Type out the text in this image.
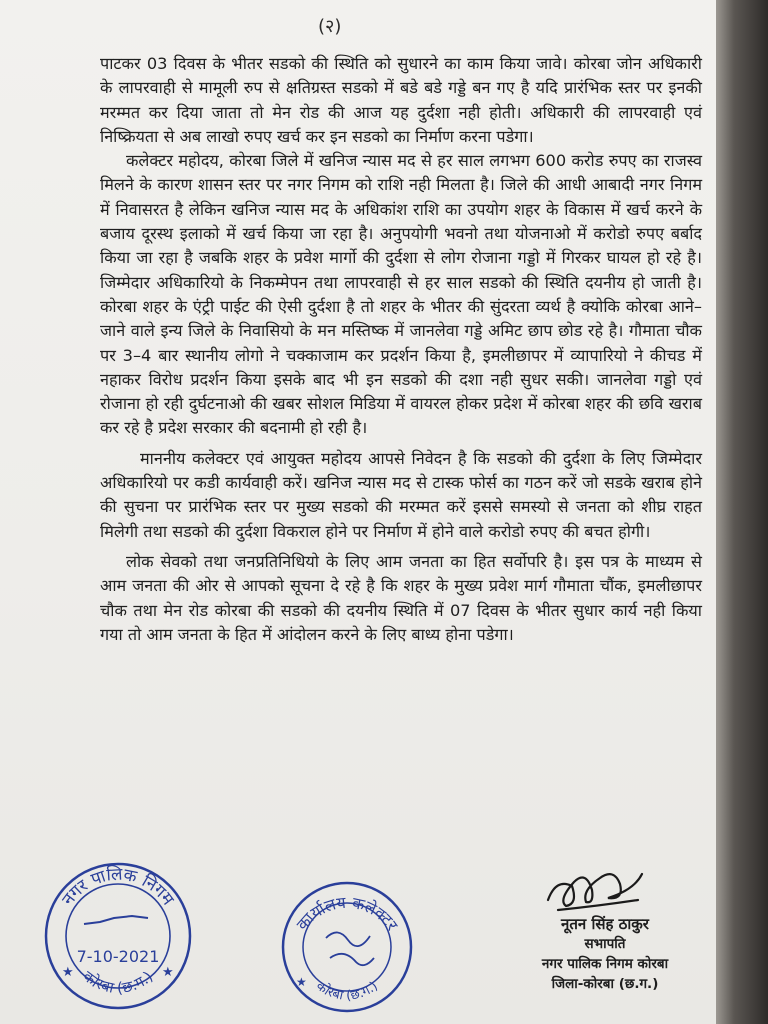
(२)

पाटकर 03 दिवस के भीतर सडको की स्थिति को सुधारने का काम किया जावे। कोरबा जोन अधिकारी के लापरवाही से मामूली रुप से क्षतिग्रस्त सडको में बडे बडे गड्डे बन गए है यदि प्रारंभिक स्तर पर इनकी मरम्मत कर दिया जाता तो मेन रोड की आज यह दुर्दशा नही होती। अधिकारी की लापरवाही एवं निष्क्रियता से अब लाखो रुपए खर्च कर इन सडको का निर्माण करना पडेगा।

कलेक्टर महोदय, कोरबा जिले में खनिज न्यास मद से हर साल लगभग 600 करोड रुपए का राजस्व मिलने के कारण शासन स्तर पर नगर निगम को राशि नही मिलता है। जिले की आधी आबादी नगर निगम में निवासरत है लेकिन खनिज न्यास मद के अधिकांश राशि का उपयोग शहर के विकास में खर्च करने के बजाय दूरस्थ इलाको में खर्च किया जा रहा है। अनुपयोगी भवनो तथा योजनाओ में करोडो रुपए बर्बाद किया जा रहा है जबकि शहर के प्रवेश मार्गो की दुर्दशा से लोग रोजाना गड्डो में गिरकर घायल हो रहे है। जिम्मेदार अधिकारियो के निकम्मेपन तथा लापरवाही से हर साल सडको की स्थिति दयनीय हो जाती है। कोरबा शहर के एंट्री पाईट की ऐसी दुर्दशा है तो शहर के भीतर की सुंदरता व्यर्थ है क्योकि कोरबा आने–जाने वाले इन्य जिले के निवासियो के मन मस्तिष्क में जानलेवा गड्डे अमिट छाप छोड रहे है। गौमाता चौक पर 3–4 बार स्थानीय लोगो ने चक्काजाम कर प्रदर्शन किया है, इमलीछापर में व्यापारियो ने कीचड में नहाकर विरोध प्रदर्शन किया इसके बाद भी इन सडको की दशा नही सुधर सकी। जानलेवा गड्डो एवं रोजाना हो रही दुर्घटनाओ की खबर सोशल मिडिया में वायरल होकर प्रदेश में कोरबा शहर की छवि खराब कर रहे है प्रदेश सरकार की बदनामी हो रही है।

माननीय कलेक्टर एवं आयुक्त महोदय आपसे निवेदन है कि सडको की दुर्दशा के लिए जिम्मेदार अधिकारियो पर कडी कार्यवाही करें। खनिज न्यास मद से टास्क फोर्स का गठन करें जो सडके खराब होने की सुचना पर प्रारंभिक स्तर पर मुख्य सडको की मरम्मत करें इससे समस्यो से जनता को शीघ्र राहत मिलेगी तथा सडको की दुर्दशा विकराल होने पर निर्माण में होने वाले करोडो रुपए की बचत होगी।

लोक सेवको तथा जनप्रतिनिधियो के लिए आम जनता का हित सर्वोपरि है। इस पत्र के माध्यम से आम जनता की ओर से आपको सूचना दे रहे है कि शहर के मुख्य प्रवेश मार्ग गौमाता चौंक, इमलीछापर चौक तथा मेन रोड कोरबा की सडको की दयनीय स्थिति में 07 दिवस के भीतर सुधार कार्य नही किया गया तो आम जनता के हित में आंदोलन करने के लिए बाध्य होना पडेगा।

नगर पालिक निगम
कोरबा (छ.ग.)
7-10-2021
★	★
कार्यालय कलेक्टर
कोरबा (छ.ग.)
★
नूतन सिंह ठाकुर
सभापति
नगर पालिक निगम कोरबा
जिला-कोरबा (छ.ग.)
